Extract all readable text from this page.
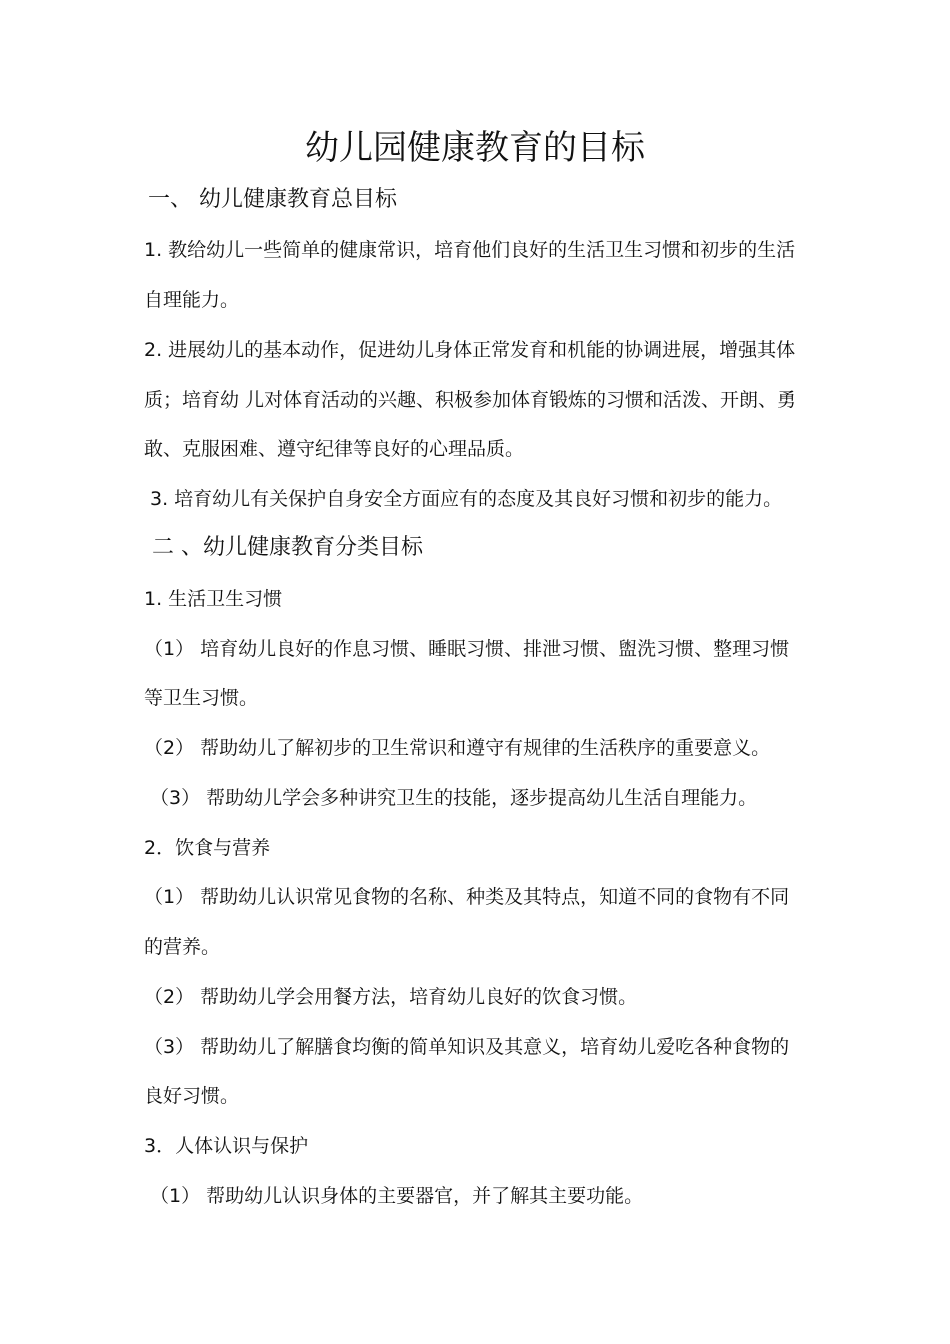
幼儿园健康教育的目标
一、 幼儿健康教育总目标
1. 教给幼儿一些简单的健康常识，培育他们良好的生活卫生习惯和初步的生活
自理能力。
2. 进展幼儿的基本动作，促进幼儿身体正常发育和机能的协调进展，增强其体
质；培育幼 儿对体育活动的兴趣、积极参加体育锻炼的习惯和活泼、开朗、勇
敢、克服困难、遵守纪律等良好的心理品质。
3. 培育幼儿有关保护自身安全方面应有的态度及其良好习惯和初步的能力。
二 、幼儿健康教育分类目标
1. 生活卫生习惯
（1） 培育幼儿良好的作息习惯、睡眠习惯、排泄习惯、盥洗习惯、整理习惯
等卫生习惯。
（2） 帮助幼儿了解初步的卫生常识和遵守有规律的生活秩序的重要意义。
（3） 帮助幼儿学会多种讲究卫生的技能，逐步提高幼儿生活自理能力。
2．饮食与营养
（1） 帮助幼儿认识常见食物的名称、种类及其特点，知道不同的食物有不同
的营养。
（2） 帮助幼儿学会用餐方法，培育幼儿良好的饮食习惯。
（3） 帮助幼儿了解膳食均衡的简单知识及其意义，培育幼儿爱吃各种食物的
良好习惯。
3．人体认识与保护
（1） 帮助幼儿认识身体的主要器官，并了解其主要功能。
